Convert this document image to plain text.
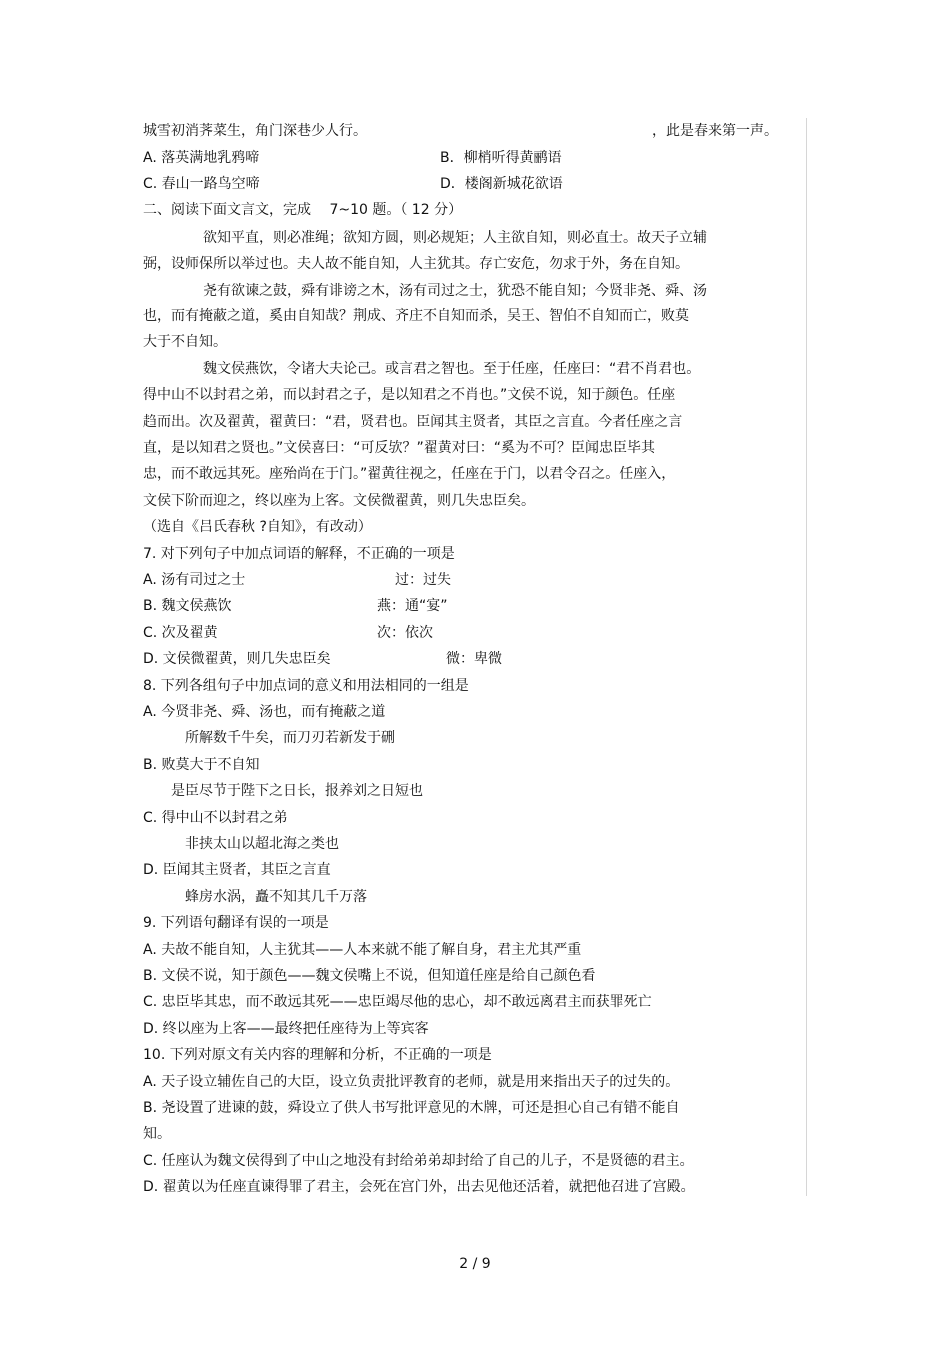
城雪初消荠菜生，角门深巷少人行。	，此是春来第一声。
A. 落英满地乳鸦啼	B．柳梢听得黄鹂语
C. 春山一路鸟空啼	D．楼阁新城花欲语
二、阅读下面文言文，完成　 7~10 题。（ 12 分）
欲知平直，则必准绳；欲知方圆，则必规矩；人主欲自知，则必直士。故天子立辅
弼，设师保所以举过也。夫人故不能自知，人主犹其。存亡安危，勿求于外，务在自知。
尧有欲谏之鼓，舜有诽谤之木，汤有司过之士，犹恐不能自知；今贤非尧、舜、汤
也，而有掩蔽之道，奚由自知哉？荆成、齐庄不自知而杀，吴王、智伯不自知而亡，败莫
大于不自知。
魏文侯燕饮，令诸大夫论己。或言君之智也。至于任座，任座曰：“君不肖君也。
得中山不以封君之弟，而以封君之子，是以知君之不肖也。”文侯不说，知于颜色。任座
趋而出。次及翟黄，翟黄曰：“君，贤君也。臣闻其主贤者，其臣之言直。今者任座之言
直，是以知君之贤也。”文侯喜曰：“可反欤？”翟黄对曰：“奚为不可？臣闻忠臣毕其
忠，而不敢远其死。座殆尚在于门。”翟黄往视之，任座在于门，以君令召之。任座入，
文侯下阶而迎之，终以座为上客。文侯微翟黄，则几失忠臣矣。
（选自《吕氏春秋 ?自知》，有改动）
7. 对下列句子中加点词语的解释，不正确的一项是
A. 汤有司过之士	过：过失
B. 魏文侯燕饮	燕：通“宴”
C. 次及翟黄	次：依次
D. 文侯微翟黄，则几失忠臣矣	微：卑微
8. 下列各组句子中加点词的意义和用法相同的一组是
A. 今贤非尧、舜、汤也，而有掩蔽之道
所解数千牛矣，而刀刃若新发于硎
B. 败莫大于不自知
是臣尽节于陛下之日长，报养刘之日短也
C. 得中山不以封君之弟
非挟太山以超北海之类也
D. 臣闻其主贤者，其臣之言直
蜂房水涡，矗不知其几千万落
9. 下列语句翻译有误的一项是
A. 夫故不能自知，人主犹其——人本来就不能了解自身，君主尤其严重
B. 文侯不说，知于颜色——魏文侯嘴上不说，但知道任座是给自己颜色看
C. 忠臣毕其忠，而不敢远其死——忠臣竭尽他的忠心，却不敢远离君主而获罪死亡
D. 终以座为上客——最终把任座待为上等宾客
10. 下列对原文有关内容的理解和分析，不正确的一项是
A. 天子设立辅佐自己的大臣，设立负责批评教育的老师，就是用来指出天子的过失的。
B. 尧设置了进谏的鼓，舜设立了供人书写批评意见的木牌，可还是担心自己有错不能自
知。
C. 任座认为魏文侯得到了中山之地没有封给弟弟却封给了自己的儿子，不是贤德的君主。
D. 翟黄以为任座直谏得罪了君主，会死在宫门外，出去见他还活着，就把他召进了宫殿。
2 / 9
